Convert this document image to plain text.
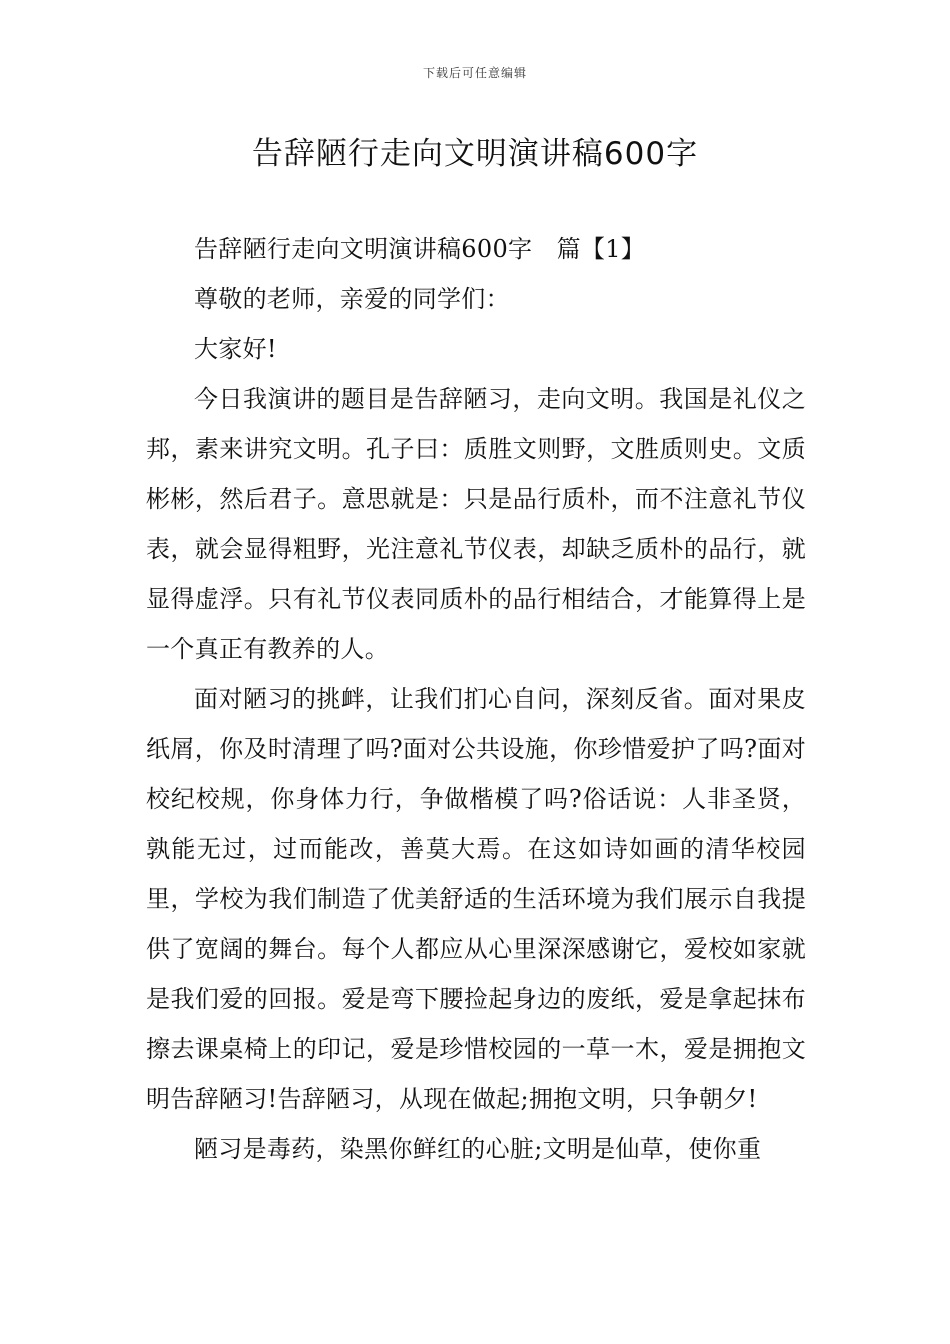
下载后可任意编辑
告辞陋行走向文明演讲稿600字

告辞陋行走向文明演讲稿600字　篇【1】

尊敬的老师，亲爱的同学们：

大家好!

今日我演讲的题目是告辞陋习，走向文明。我国是礼仪之邦，素来讲究文明。孔子曰：质胜文则野，文胜质则史。文质彬彬，然后君子。意思就是：只是品行质朴，而不注意礼节仪表，就会显得粗野，光注意礼节仪表，却缺乏质朴的品行，就显得虚浮。只有礼节仪表同质朴的品行相结合，才能算得上是一个真正有教养的人。

面对陋习的挑衅，让我们扪心自问，深刻反省。面对果皮纸屑，你及时清理了吗?面对公共设施，你珍惜爱护了吗?面对校纪校规，你身体力行，争做楷模了吗?俗话说：人非圣贤，孰能无过，过而能改，善莫大焉。在这如诗如画的清华校园里，学校为我们制造了优美舒适的生活环境为我们展示自我提供了宽阔的舞台。每个人都应从心里深深感谢它，爱校如家就是我们爱的回报。爱是弯下腰捡起身边的废纸，爱是拿起抹布擦去课桌椅上的印记，爱是珍惜校园的一草一木，爱是拥抱文明告辞陋习!告辞陋习，从现在做起;拥抱文明，只争朝夕!

陋习是毒药，染黑你鲜红的心脏;文明是仙草，使你重
